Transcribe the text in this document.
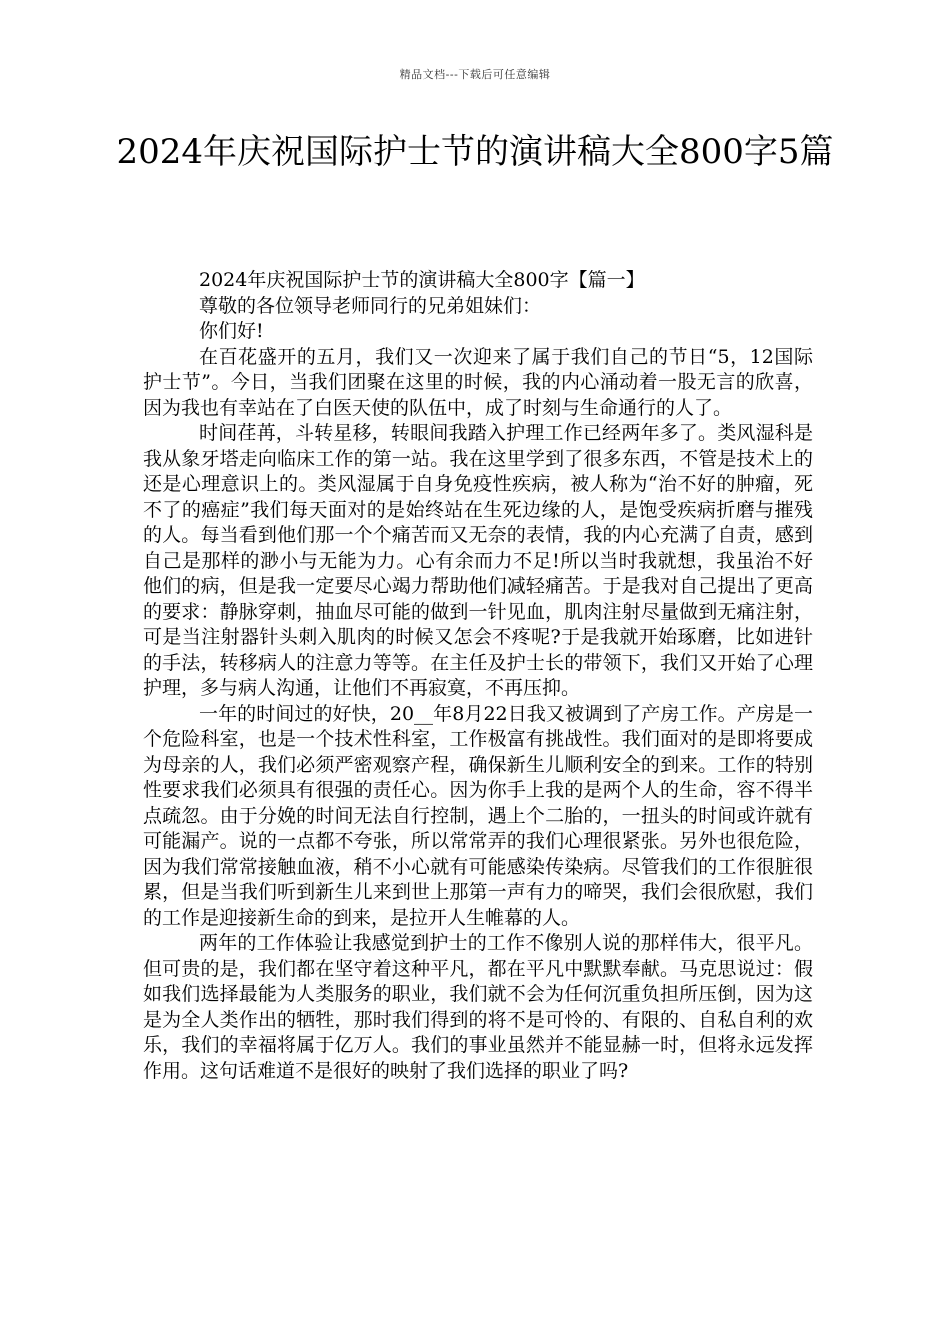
精品文档---下载后可任意编辑
2024年庆祝国际护士节的演讲稿大全800字5篇

2024年庆祝国际护士节的演讲稿大全800字【篇一】

尊敬的各位领导老师同行的兄弟姐妹们：

你们好!

在百花盛开的五月，我们又一次迎来了属于我们自己的节日“5，12国际护士节”。今日，当我们团聚在这里的时候，我的内心涌动着一股无言的欣喜，因为我也有幸站在了白医天使的队伍中，成了时刻与生命通行的人了。

时间荏苒，斗转星移，转眼间我踏入护理工作已经两年多了。类风湿科是我从象牙塔走向临床工作的第一站。我在这里学到了很多东西，不管是技术上的还是心理意识上的。类风湿属于自身免疫性疾病，被人称为“治不好的肿瘤，死不了的癌症”我们每天面对的是始终站在生死边缘的人，是饱受疾病折磨与摧残的人。每当看到他们那一个个痛苦而又无奈的表情，我的内心充满了自责，感到自己是那样的渺小与无能为力。心有余而力不足!所以当时我就想，我虽治不好他们的病，但是我一定要尽心竭力帮助他们减轻痛苦。于是我对自己提出了更高的要求：静脉穿刺，抽血尽可能的做到一针见血，肌肉注射尽量做到无痛注射，可是当注射器针头刺入肌肉的时候又怎会不疼呢?于是我就开始琢磨，比如进针的手法，转移病人的注意力等等。在主任及护士长的带领下，我们又开始了心理护理，多与病人沟通，让他们不再寂寞，不再压抑。

一年的时间过的好快，20__年8月22日我又被调到了产房工作。产房是一个危险科室，也是一个技术性科室，工作极富有挑战性。我们面对的是即将要成为母亲的人，我们必须严密观察产程，确保新生儿顺利安全的到来。工作的特别性要求我们必须具有很强的责任心。因为你手上我的是两个人的生命，容不得半点疏忽。由于分娩的时间无法自行控制，遇上个二胎的，一扭头的时间或许就有可能漏产。说的一点都不夸张，所以常常弄的我们心理很紧张。另外也很危险，因为我们常常接触血液，稍不小心就有可能感染传染病。尽管我们的工作很脏很累，但是当我们听到新生儿来到世上那第一声有力的啼哭，我们会很欣慰，我们的工作是迎接新生命的到来，是拉开人生帷幕的人。

两年的工作体验让我感觉到护士的工作不像别人说的那样伟大，很平凡。但可贵的是，我们都在坚守着这种平凡，都在平凡中默默奉献。马克思说过：假如我们选择最能为人类服务的职业，我们就不会为任何沉重负担所压倒，因为这是为全人类作出的牺牲，那时我们得到的将不是可怜的、有限的、自私自利的欢乐，我们的幸福将属于亿万人。我们的事业虽然并不能显赫一时，但将永远发挥作用。这句话难道不是很好的映射了我们选择的职业了吗?
